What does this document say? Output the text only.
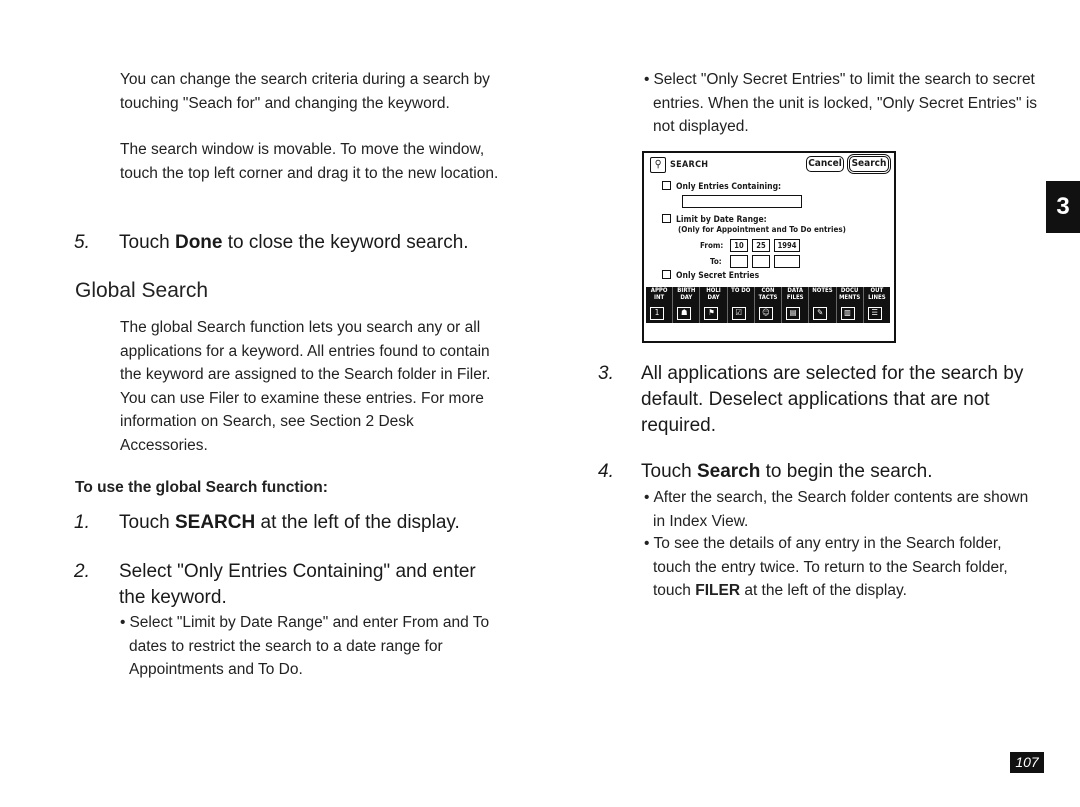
You can change the search criteria during a search by touching "Seach for" and changing the keyword.
The search window is movable. To move the window, touch the top left corner and drag it to the new location.
5. Touch Done to close the keyword search.
Global Search
The global Search function lets you search any or all applications for a keyword. All entries found to contain the keyword are assigned to the Search folder in Filer. You can use Filer to examine these entries. For more information on Search, see Section 2 Desk Accessories.
To use the global Search function:
1. Touch SEARCH at the left of the display.
2. Select "Only Entries Containing" and enter the keyword.
• Select "Limit by Date Range" and enter From and To dates to restrict the search to a date range for Appointments and To Do.
• Select "Only Secret Entries" to limit the search to secret entries. When the unit is locked, "Only Secret Entries" is not displayed.
⚲ SEARCH	Cancel Search
Only Entries Containing:
Limit by Date Range:
(Only for Appointment and To Do entries)
From:	10	25	1994
To:
Only Secret Entries
APPO INT
1
BIRTH DAY
☗
HOLI DAY
⚑
TO DO
☑
CON TACTS
☺
DATA FILES
▤
NOTES
✎
DOCU MENTS
▥
OUT LINES
☰
3. All applications are selected for the search by default. Deselect applications that are not required.
4. Touch Search to begin the search.
• After the search, the Search folder contents are shown in Index View.
• To see the details of any entry in the Search folder, touch the entry twice. To return to the Search folder, touch FILER at the left of the display.
3
107
